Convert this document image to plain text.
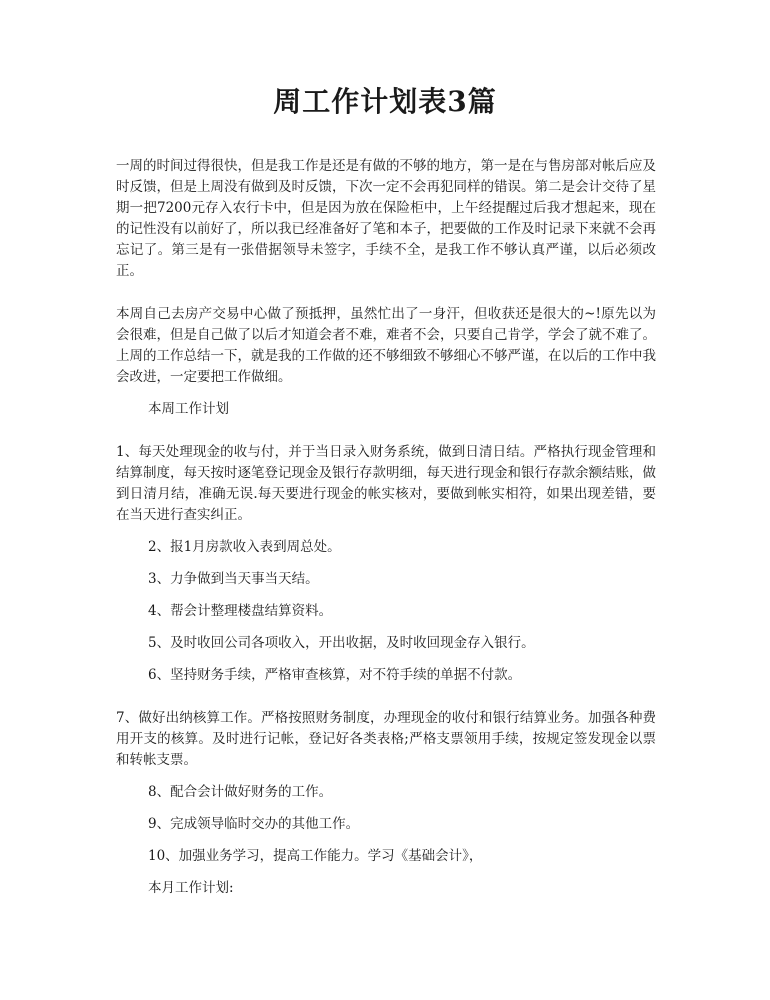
周工作计划表3篇

一周的时间过得很快，但是我工作是还是有做的不够的地方，第一是在与售房部对帐后应及时反馈，但是上周没有做到及时反馈，下次一定不会再犯同样的错误。第二是会计交待了星期一把7200元存入农行卡中，但是因为放在保险柜中，上午经提醒过后我才想起来，现在的记性没有以前好了，所以我已经准备好了笔和本子，把要做的工作及时记录下来就不会再忘记了。第三是有一张借据领导未签字，手续不全，是我工作不够认真严谨，以后必须改正。

本周自己去房产交易中心做了预抵押，虽然忙出了一身汗，但收获还是很大的~!原先以为会很难，但是自己做了以后才知道会者不难，难者不会，只要自己肯学，学会了就不难了。上周的工作总结一下，就是我的工作做的还不够细致不够细心不够严谨，在以后的工作中我会改进，一定要把工作做细。

本周工作计划

1、每天处理现金的收与付，并于当日录入财务系统，做到日清日结。严格执行现金管理和结算制度，每天按时逐笔登记现金及银行存款明细，每天进行现金和银行存款余额结账，做到日清月结，准确无误.每天要进行现金的帐实核对，要做到帐实相符，如果出现差错，要在当天进行查实纠正。

2、报1月房款收入表到周总处。

3、力争做到当天事当天结。

4、帮会计整理楼盘结算资料。

5、及时收回公司各项收入，开出收据，及时收回现金存入银行。

6、坚持财务手续，严格审查核算，对不符手续的单据不付款。

7、做好出纳核算工作。严格按照财务制度，办理现金的收付和银行结算业务。加强各种费用开支的核算。及时进行记帐，登记好各类表格;严格支票领用手续，按规定签发现金以票和转帐支票。

8、配合会计做好财务的工作。

9、完成领导临时交办的其他工作。

10、加强业务学习，提高工作能力。学习《基础会计》，

本月工作计划:
